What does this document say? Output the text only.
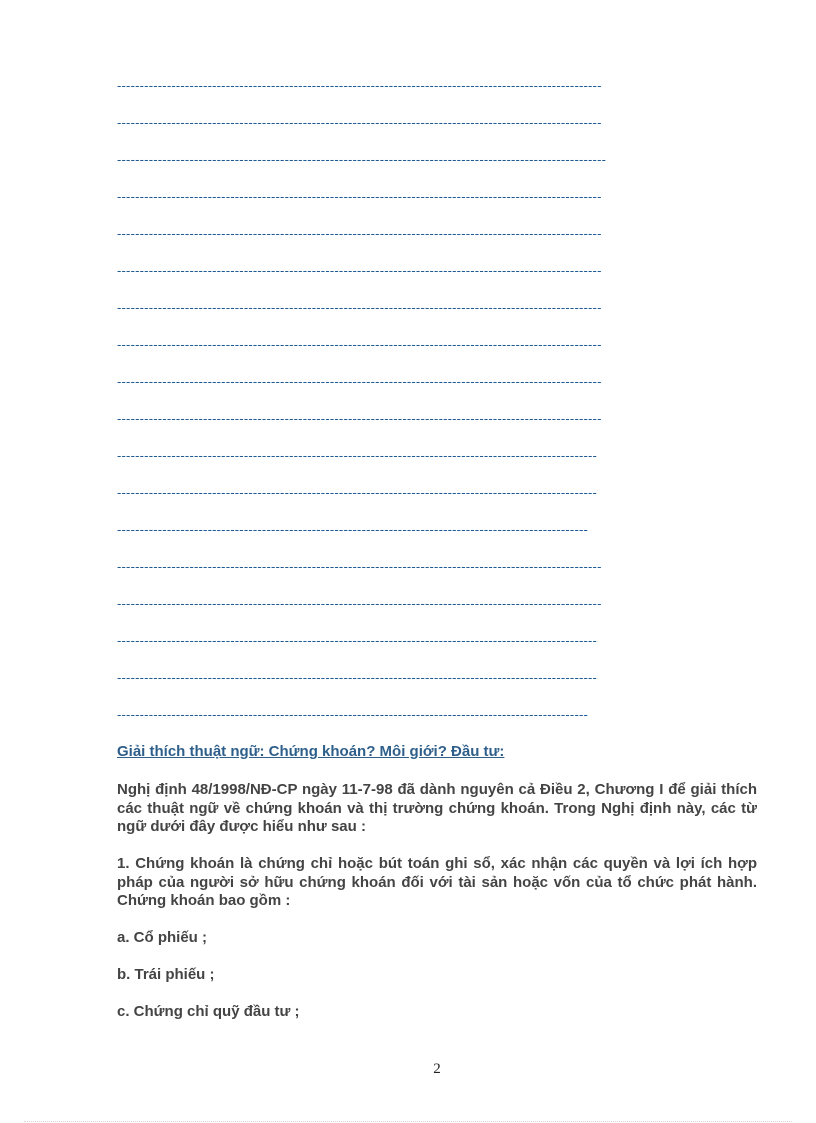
-----------------------------------------------------------------------------------------------------------
-----------------------------------------------------------------------------------------------------------
------------------------------------------------------------------------------------------------------------
-----------------------------------------------------------------------------------------------------------
-----------------------------------------------------------------------------------------------------------
-----------------------------------------------------------------------------------------------------------
-----------------------------------------------------------------------------------------------------------
-----------------------------------------------------------------------------------------------------------
-----------------------------------------------------------------------------------------------------------
-----------------------------------------------------------------------------------------------------------
----------------------------------------------------------------------------------------------------------
----------------------------------------------------------------------------------------------------------
--------------------------------------------------------------------------------------------------------
-----------------------------------------------------------------------------------------------------------
-----------------------------------------------------------------------------------------------------------
----------------------------------------------------------------------------------------------------------
----------------------------------------------------------------------------------------------------------
--------------------------------------------------------------------------------------------------------
Giải thích thuật ngữ: Chứng khoán? Môi giới? Đầu tư:

Nghị định 48/1998/NĐ-CP ngày 11-7-98 đã dành nguyên cả Điều 2, Chương I để giải thích các thuật ngữ về chứng khoán và thị trường chứng khoán. Trong Nghị định này, các từ ngữ dưới đây được hiểu như sau :

1. Chứng khoán là chứng chỉ hoặc bút toán ghi sổ, xác nhận các quyền và lợi ích hợp pháp của người sở hữu chứng khoán đối với tài sản hoặc vốn của tổ chức phát hành. Chứng khoán bao gồm :

a. Cổ phiếu ;
b. Trái phiếu ;
c. Chứng chỉ quỹ đầu tư ;
2
